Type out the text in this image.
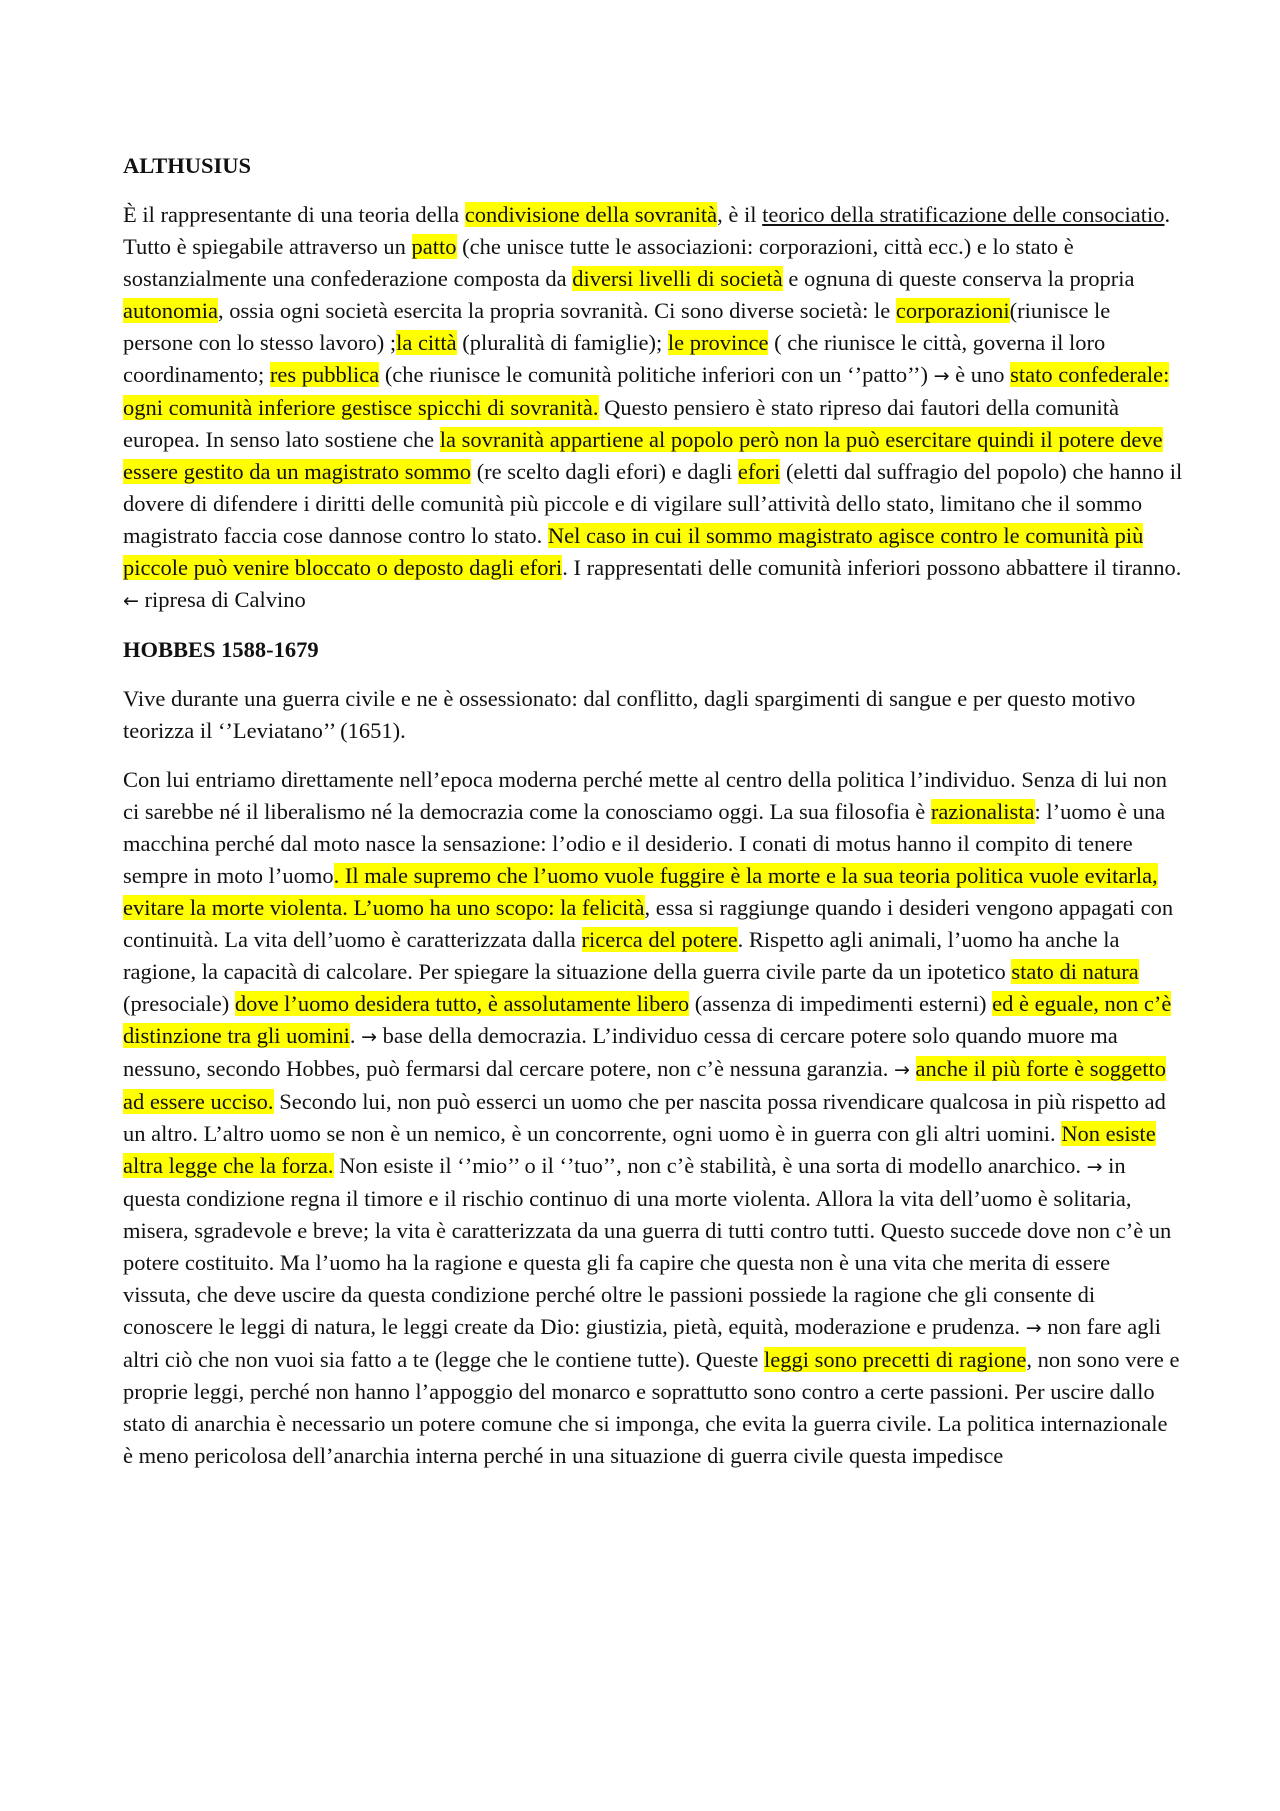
ALTHUSIUS

È il rappresentante di una teoria della condivisione della sovranità, è il teorico della stratificazione delle consociatio. Tutto è spiegabile attraverso un patto (che unisce tutte le associazioni: corporazioni, città ecc.) e lo stato è sostanzialmente una confederazione composta da diversi livelli di società e ognuna di queste conserva la propria autonomia, ossia ogni società esercita la propria sovranità. Ci sono diverse società: le corporazioni(riunisce le persone con lo stesso lavoro) ;la città (pluralità di famiglie); le province ( che riunisce le città, governa il loro coordinamento; res pubblica (che riunisce le comunità politiche inferiori con un ‘’patto’’) → è uno stato confederale: ogni comunità inferiore gestisce spicchi di sovranità. Questo pensiero è stato ripreso dai fautori della comunità europea. In senso lato sostiene che la sovranità appartiene al popolo però non la può esercitare quindi il potere deve essere gestito da un magistrato sommo (re scelto dagli efori) e dagli efori (eletti dal suffragio del popolo) che hanno il dovere di difendere i diritti delle comunità più piccole e di vigilare sull’attività dello stato, limitano che il sommo magistrato faccia cose dannose contro lo stato. Nel caso in cui il sommo magistrato agisce contro le comunità più piccole può venire bloccato o deposto dagli efori. I rappresentati delle comunità inferiori possono abbattere il tiranno. ← ripresa di Calvino

HOBBES 1588-1679

Vive durante una guerra civile e ne è ossessionato: dal conflitto, dagli spargimenti di sangue e per questo motivo teorizza il ‘’Leviatano’’ (1651).

Con lui entriamo direttamente nell’epoca moderna perché mette al centro della politica l’individuo. Senza di lui non ci sarebbe né il liberalismo né la democrazia come la conosciamo oggi. La sua filosofia è razionalista: l’uomo è una macchina perché dal moto nasce la sensazione: l’odio e il desiderio. I conati di motus hanno il compito di tenere sempre in moto l’uomo. Il male supremo che l’uomo vuole fuggire è la morte e la sua teoria politica vuole evitarla, evitare la morte violenta. L’uomo ha uno scopo: la felicità, essa si raggiunge quando i desideri vengono appagati con continuità. La vita dell’uomo è caratterizzata dalla ricerca del potere. Rispetto agli animali, l’uomo ha anche la ragione, la capacità di calcolare. Per spiegare la situazione della guerra civile parte da un ipotetico stato di natura (presociale) dove l’uomo desidera tutto, è assolutamente libero (assenza di impedimenti esterni) ed è eguale, non c’è distinzione tra gli uomini. → base della democrazia. L’individuo cessa di cercare potere solo quando muore ma nessuno, secondo Hobbes, può fermarsi dal cercare potere, non c’è nessuna garanzia. → anche il più forte è soggetto ad essere ucciso. Secondo lui, non può esserci un uomo che per nascita possa rivendicare qualcosa in più rispetto ad un altro. L’altro uomo se non è un nemico, è un concorrente, ogni uomo è in guerra con gli altri uomini. Non esiste altra legge che la forza. Non esiste il ‘’mio’’ o il ‘’tuo’’, non c’è stabilità, è una sorta di modello anarchico. → in questa condizione regna il timore e il rischio continuo di una morte violenta. Allora la vita dell’uomo è solitaria, misera, sgradevole e breve; la vita è caratterizzata da una guerra di tutti contro tutti. Questo succede dove non c’è un potere costituito. Ma l’uomo ha la ragione e questa gli fa capire che questa non è una vita che merita di essere vissuta, che deve uscire da questa condizione perché oltre le passioni possiede la ragione che gli consente di conoscere le leggi di natura, le leggi create da Dio: giustizia, pietà, equità, moderazione e prudenza. → non fare agli altri ciò che non vuoi sia fatto a te (legge che le contiene tutte). Queste leggi sono precetti di ragione, non sono vere e proprie leggi, perché non hanno l’appoggio del monarco e soprattutto sono contro a certe passioni. Per uscire dallo stato di anarchia è necessario un potere comune che si imponga, che evita la guerra civile. La politica internazionale è meno pericolosa dell’anarchia interna perché in una situazione di guerra civile questa impedisce
